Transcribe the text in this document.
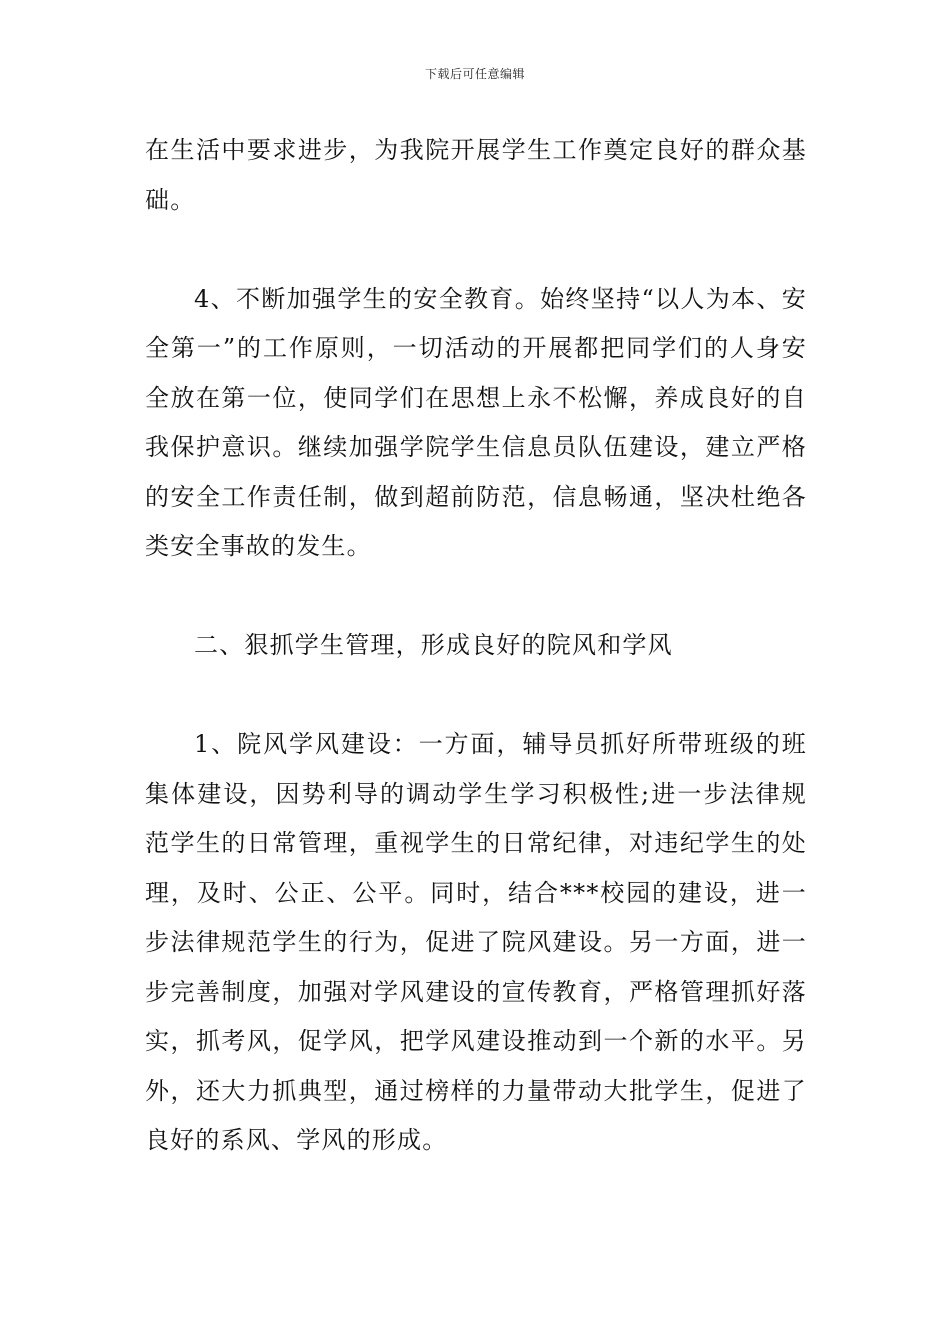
下载后可任意编辑

在生活中要求进步，为我院开展学生工作奠定良好的群众基础。

4、不断加强学生的安全教育。始终坚持“以人为本、安全第一”的工作原则，一切活动的开展都把同学们的人身安全放在第一位，使同学们在思想上永不松懈，养成良好的自我保护意识。继续加强学院学生信息员队伍建设，建立严格的安全工作责任制，做到超前防范，信息畅通，坚决杜绝各类安全事故的发生。

二、狠抓学生管理，形成良好的院风和学风

1、院风学风建设：一方面，辅导员抓好所带班级的班集体建设，因势利导的调动学生学习积极性;进一步法律规范学生的日常管理，重视学生的日常纪律，对违纪学生的处理，及时、公正、公平。同时，结合***校园的建设，进一步法律规范学生的行为，促进了院风建设。另一方面，进一步完善制度，加强对学风建设的宣传教育，严格管理抓好落实，抓考风，促学风，把学风建设推动到一个新的水平。另外，还大力抓典型，通过榜样的力量带动大批学生，促进了良好的系风、学风的形成。
